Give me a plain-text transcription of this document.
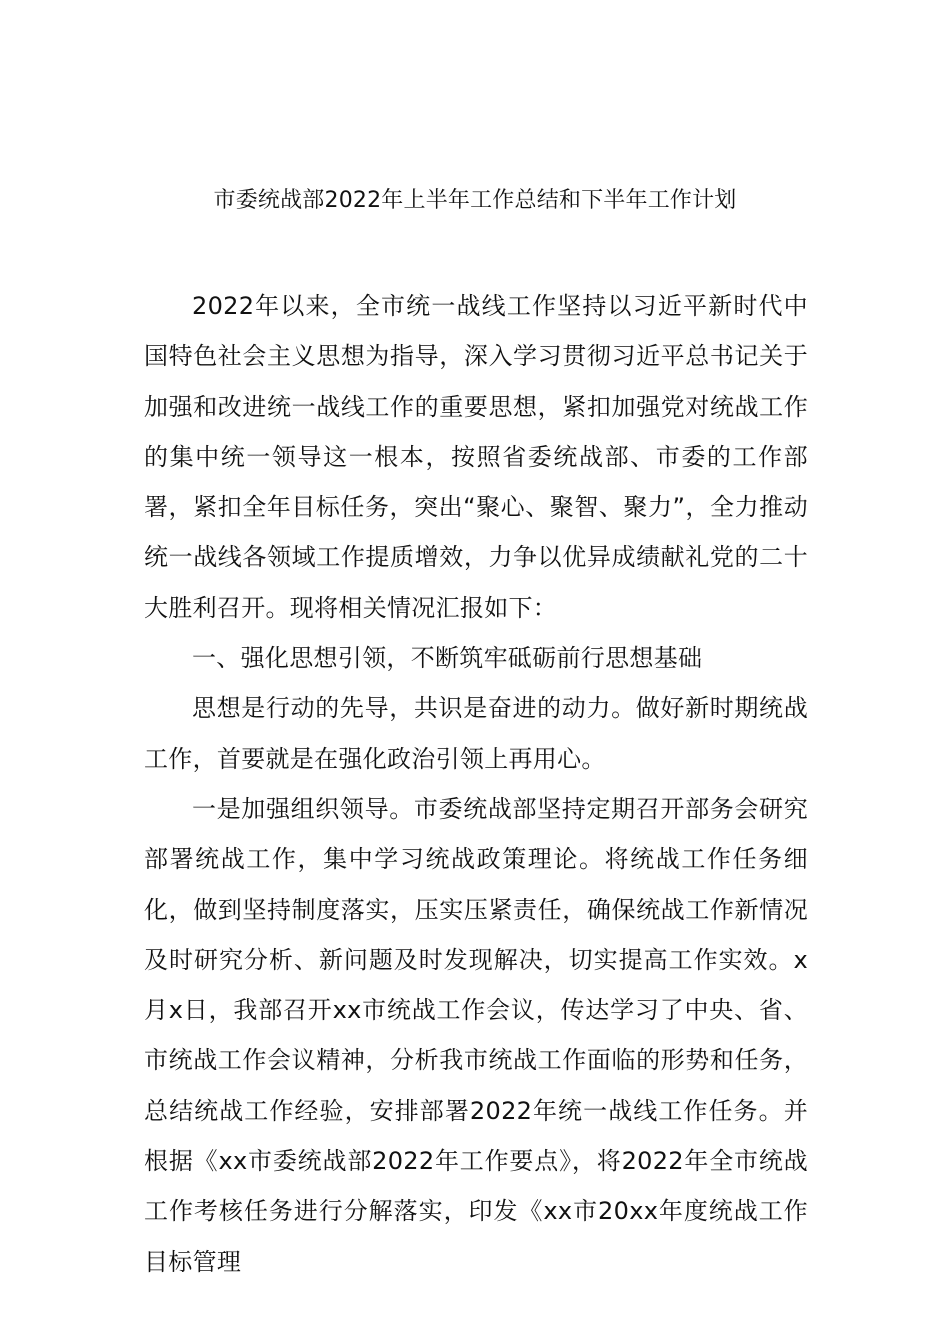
市委统战部2022年上半年工作总结和下半年工作计划

2022年以来，全市统一战线工作坚持以习近平新时代中国特色社会主义思想为指导，深入学习贯彻习近平总书记关于加强和改进统一战线工作的重要思想，紧扣加强党对统战工作的集中统一领导这一根本，按照省委统战部、市委的工作部署，紧扣全年目标任务，突出“聚心、聚智、聚力”，全力推动统一战线各领域工作提质增效，力争以优异成绩献礼党的二十大胜利召开。现将相关情况汇报如下：

一、强化思想引领，不断筑牢砥砺前行思想基础

思想是行动的先导，共识是奋进的动力。做好新时期统战工作，首要就是在强化政治引领上再用心。

一是加强组织领导。市委统战部坚持定期召开部务会研究部署统战工作，集中学习统战政策理论。将统战工作任务细化，做到坚持制度落实，压实压紧责任，确保统战工作新情况及时研究分析、新问题及时发现解决，切实提高工作实效。x月x日，我部召开xx市统战工作会议，传达学习了中央、省、市统战工作会议精神，分析我市统战工作面临的形势和任务，总结统战工作经验，安排部署2022年统一战线工作任务。并根据《xx市委统战部2022年工作要点》，将2022年全市统战工作考核任务进行分解落实，印发《xx市20xx年度统战工作目标管理
